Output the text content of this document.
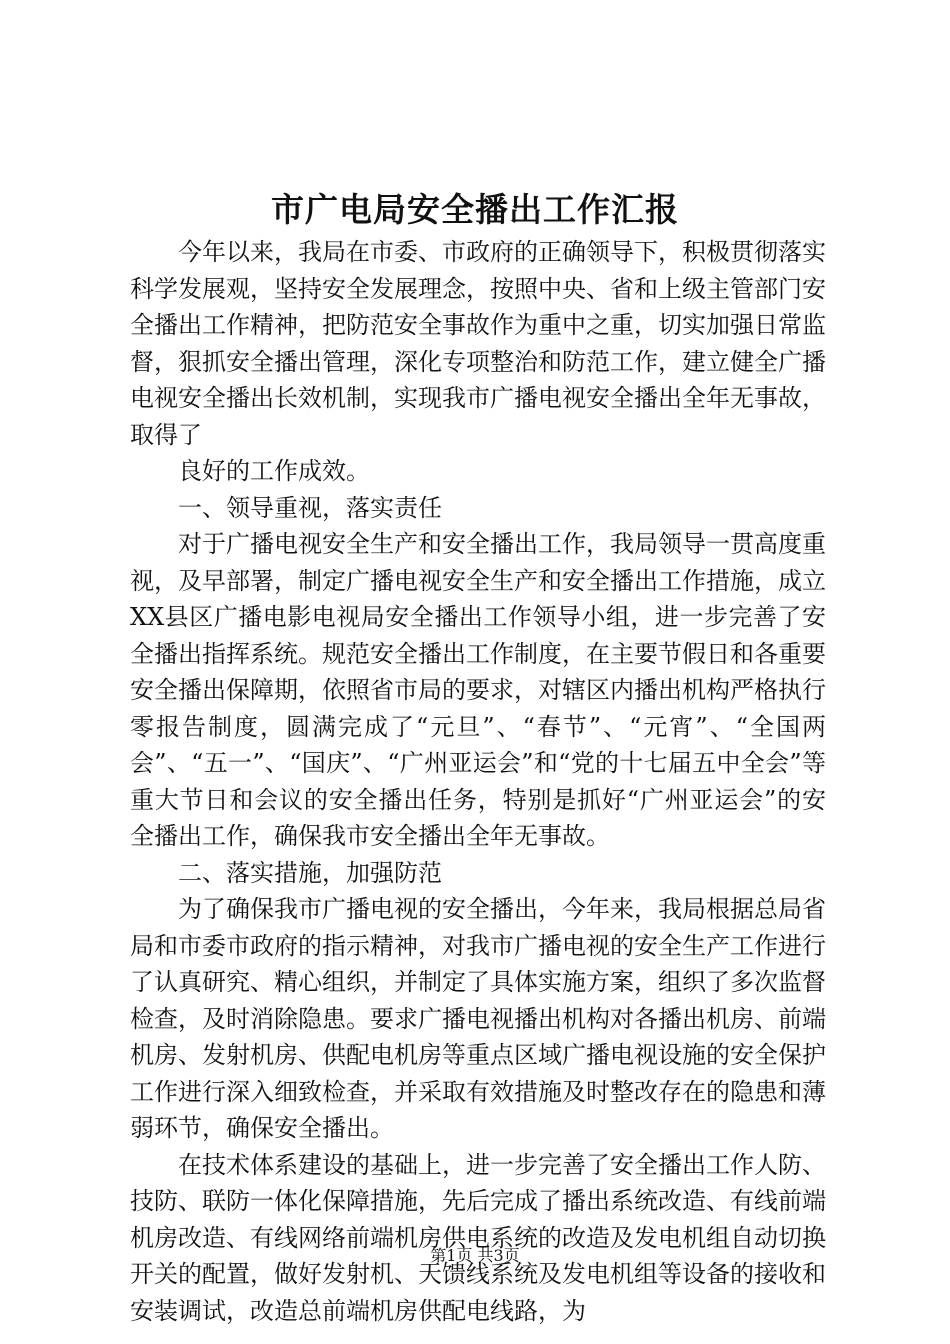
市广电局安全播出工作汇报

今年以来，我局在市委、市政府的正确领导下，积极贯彻落实科学发展观，坚持安全发展理念，按照中央、省和上级主管部门安全播出工作精神，把防范安全事故作为重中之重，切实加强日常监督，狠抓安全播出管理，深化专项整治和防范工作，建立健全广播电视安全播出长效机制，实现我市广播电视安全播出全年无事故，取得了

良好的工作成效。

一、领导重视，落实责任

对于广播电视安全生产和安全播出工作，我局领导一贯高度重视，及早部署，制定广播电视安全生产和安全播出工作措施，成立XX县区广播电影电视局安全播出工作领导小组，进一步完善了安全播出指挥系统。规范安全播出工作制度，在主要节假日和各重要安全播出保障期，依照省市局的要求，对辖区内播出机构严格执行零报告制度，圆满完成了“元旦”、“春节”、“元宵”、“全国两会”、“五一”、“国庆”、“广州亚运会”和“党的十七届五中全会”等重大节日和会议的安全播出任务，特别是抓好“广州亚运会”的安全播出工作，确保我市安全播出全年无事故。

二、落实措施，加强防范

为了确保我市广播电视的安全播出，今年来，我局根据总局省局和市委市政府的指示精神，对我市广播电视的安全生产工作进行了认真研究、精心组织，并制定了具体实施方案，组织了多次监督检查，及时消除隐患。要求广播电视播出机构对各播出机房、前端机房、发射机房、供配电机房等重点区域广播电视设施的安全保护工作进行深入细致检查，并采取有效措施及时整改存在的隐患和薄弱环节，确保安全播出。

在技术体系建设的基础上，进一步完善了安全播出工作人防、技防、联防一体化保障措施，先后完成了播出系统改造、有线前端机房改造、有线网络前端机房供电系统的改造及发电机组自动切换开关的配置，做好发射机、天馈线系统及发电机组等设备的接收和安装调试，改造总前端机房供配电线路，为

第1页 共3页
